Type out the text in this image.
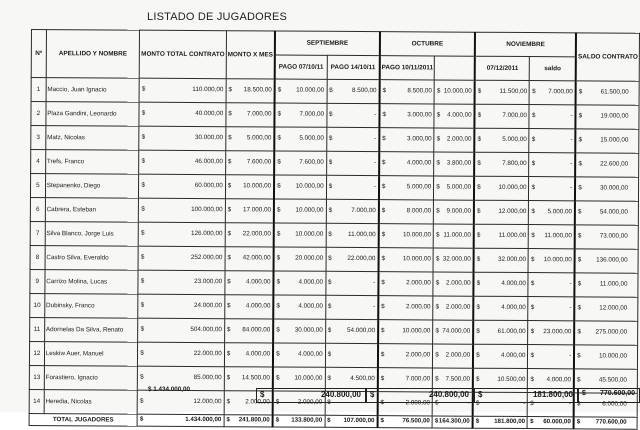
LISTADO DE JUGADORES
Nº	APELLIDO Y NOMBRE	MONTO TOTAL CONTRATO	MONTO X MES	SEPTIEMBRE		OCTUBRE		NOVIEMBRE		SALDO CONTRATO
				PAGO 07/10/11	PAGO 14/10/11	PAGO 10/11/2011		07/12/2011	saldo	
1	Maccio, Juan Ignacio	$ 110.000,00	$ 18.500,00	$ 10.000,00	$ 8.500,00	$ 8.500,00	$ 10.000,00	$ 11.500,00	$ 7.000,00	$ 61.500,00

2	Plaza Gandini, Leonardo	$ 40.000,00	$ 7.000,00	$ 7.000,00	$ -	$ 3.000,00	$ 4.000,00	$ 7.000,00	$ -	$ 19.000,00

3	Matz, Nicolas	$ 30.000,00	$ 5.000,00	$ 5.000,00	$ -	$ 3.000,00	$ 2.000,00	$ 5.000,00	$ -	$ 15.000,00

4	Trefs, Franco	$ 46.000,00	$ 7.600,00	$ 7.600,00	$ -	$ 4.000,00	$ 3.800,00	$ 7.800,00	$ -	$ 22.600,00

5	Stepanenko, Diego	$ 60.000,00	$ 10.000,00	$ 10.000,00	$ -	$ 5.000,00	$ 5.000,00	$ 10.000,00	$ -	$ 30.000,00

6	Cabrera, Esteban	$ 100.000,00	$ 17.000,00	$ 10.000,00	$ 7.000,00	$ 8.000,00	$ 9.000,00	$ 12.000,00	$ 5.000,00	$ 54.000,00

7	Silva Blanco, Jorge Luis	$ 126.000,00	$ 22.000,00	$ 10.000,00	$ 11.000,00	$ 10.000,00	$ 11.000,00	$ 11.000,00	$ 11.000,00	$ 73.000,00

8	Castro Silva, Everaldo	$ 252.000,00	$ 42.000,00	$ 20.000,00	$ 22.000,00	$ 10.000,00	$ 32.000,00	$ 32.000,00	$ 10.000,00	$ 136.000,00

9	Carrizo Molina, Lucas	$ 23.000,00	$ 4.000,00	$ 4.000,00	$ -	$ 2.000,00	$ 2.000,00	$ 4.000,00	$ -	$ 11.000,00

10	Dubinsky, Franco	$ 24.000,00	$ 4.000,00	$ 4.000,00	$ -	$ 2.000,00	$ 2.000,00	$ 4.000,00	$ -	$ 12.000,00

11	Adornelas Da Silva, Renato	$ 504.000,00	$ 84.000,00	$ 30.000,00	$ 54.000,00	$ 10.000,00	$ 74.000,00	$ 61.000,00	$ 23.000,00	$ 275.000,00

12	Leskiw Auer, Manuel	$ 22.000,00	$ 4.000,00	$ 4.000,00	$	$ 2.000,00	$ 2.000,00	$ 4.000,00	$ -	$ 10.000,00

13	Forastiero, Ignacio	$ 85.000,00	$ 14.500,00	$ 10.000,00	$ 4.500,00	$ 7.000,00	$ 7.500,00	$ 10.500,00	$ 4.000,00	$ 45.500,00

14	Heredia, Nicolas	$ 12.000,00	$ 2.000,00	$ 2.000,00	$ -	$ 2.000,00	$ -	$ -	$ -	$ 6.000,00

TOTAL JUGADORES		$ 1.434.000,00	$ 241.800,00	$ 133.800,00	$ 107.000,00	$ 76.500,00	$ 164.300,00	$ 181.800,00	$ 60.000,00	$ 770.600,00
$ 1.434.000,00
$	240.800,00 $	240.800,00 $	181.800,00 $ 770.600,00
